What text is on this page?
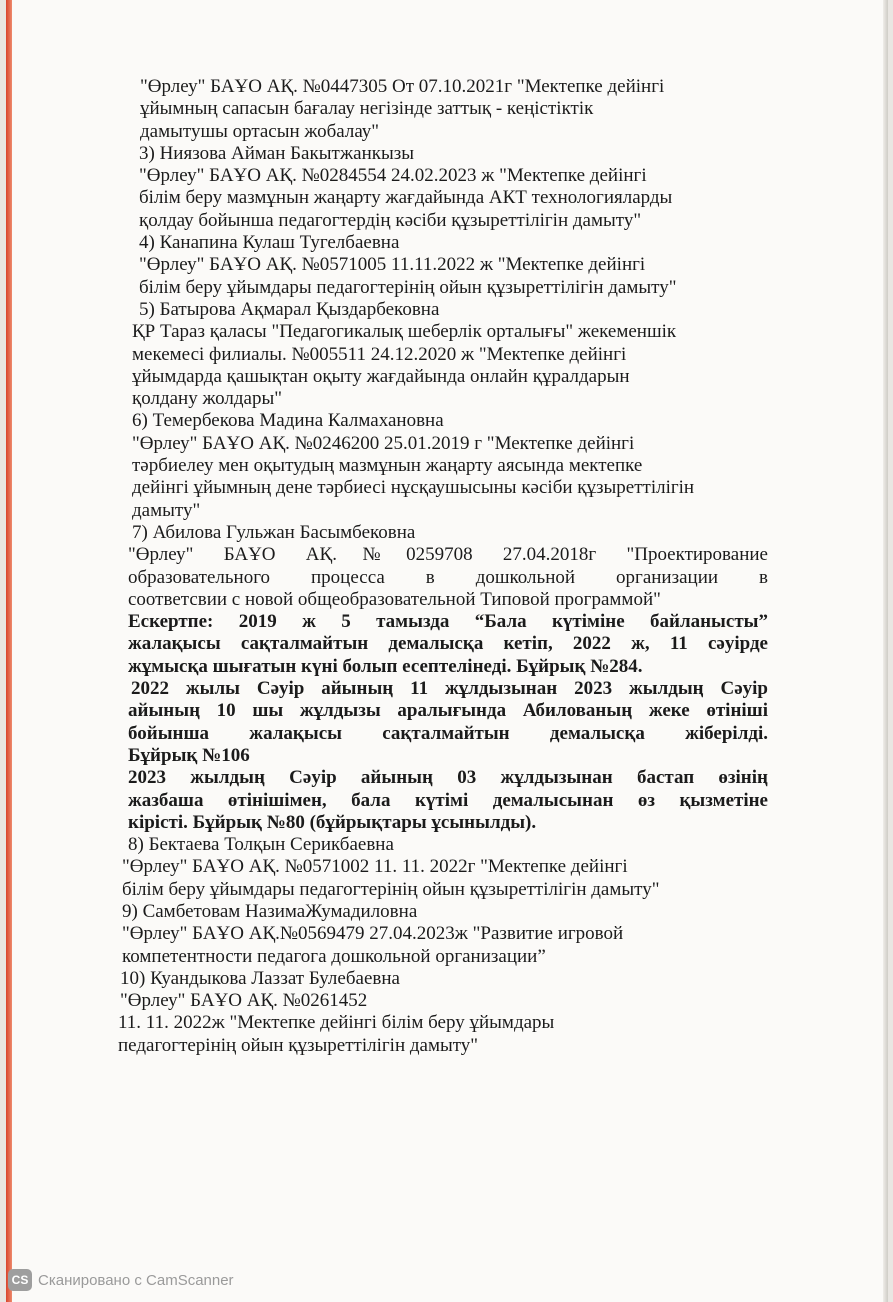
"Өрлеу" БАҰО АҚ. №0447305 От 07.10.2021г "Мектепке дейінгі
ұйымның сапасын бағалау негізінде заттық - кеңістіктік
дамытушы ортасын жобалау"
3) Ниязова Айман Бакытжанкызы
"Өрлеу" БАҰО АҚ. №0284554 24.02.2023 ж "Мектепке дейінгі
білім беру мазмұнын жаңарту жағдайында АКТ технологияларды
қолдау бойынша педагогтердің кәсіби құзыреттілігін дамыту"
4) Канапина Кулаш Тугелбаевна
"Өрлеу" БАҰО АҚ. №0571005 11.11.2022 ж "Мектепке дейінгі
білім беру ұйымдары педагогтерінің ойын құзыреттілігін дамыту"
5) Батырова Ақмарал Қыздарбековна
ҚР Тараз қаласы "Педагогикалық шеберлік орталығы" жекеменшік
мекемесі филиалы. №005511 24.12.2020 ж "Мектепке дейінгі
ұйымдарда қашықтан оқыту жағдайында онлайн құралдарын
қолдану жолдары"
6) Темербекова Мадина Калмахановна
"Өрлеу" БАҰО АҚ. №0246200 25.01.2019 г "Мектепке дейінгі
тәрбиелеу мен оқытудың мазмұнын жаңарту аясында мектепке
дейінгі ұйымның дене тәрбиесі нұсқаушысыны кәсіби құзыреттілігін
дамыту"
7) Абилова Гульжан Басымбековна
"Өрлеу" БАҰО АҚ.№0259708 27.04.2018г "Проектирование
образовательного процесса в дошкольной организации в
соответсвии с новой общеобразовательной Типовой программой"
Ескертпе: 2019 ж 5 тамызда “Бала күтіміне байланысты”
жалақысы сақталмайтын демалысқа кетіп, 2022 ж, 11 сәуірде
жұмысқа шығатын күні болып есептелінеді. Бұйрық №284.
2022 жылы Сәуір айының 11 жұлдызынан 2023 жылдың Сәуір
айының 10 шы жұлдызы аралығында Абилованың жеке өтініші
бойынша жалақысы сақталмайтын демалысқа жіберілді.
Бұйрық №106
2023 жылдың Сәуір айының 03 жұлдызынан бастап өзінің
жазбаша өтінішімен, бала күтімі демалысынан өз қызметіне
кірісті. Бұйрық №80 (бұйрықтары ұсынылды).
8) Бектаева Толқын Серикбаевна
"Өрлеу" БАҰО АҚ. №0571002 11. 11. 2022г "Мектепке дейінгі
білім беру ұйымдары педагогтерінің ойын құзыреттілігін дамыту"
9) Самбетовам НазимаЖумадиловна
"Өрлеу" БАҰО АҚ.№0569479 27.04.2023ж "Развитие игровой
компетентности педагога дошкольной организации”
10) Куандыкова Лаззат Булебаевна
"Өрлеу" БАҰО АҚ. №0261452
11. 11. 2022ж "Мектепке дейінгі білім беру ұйымдары
педагогтерінің ойын құзыреттілігін дамыту"
CS Сканировано с CamScanner
